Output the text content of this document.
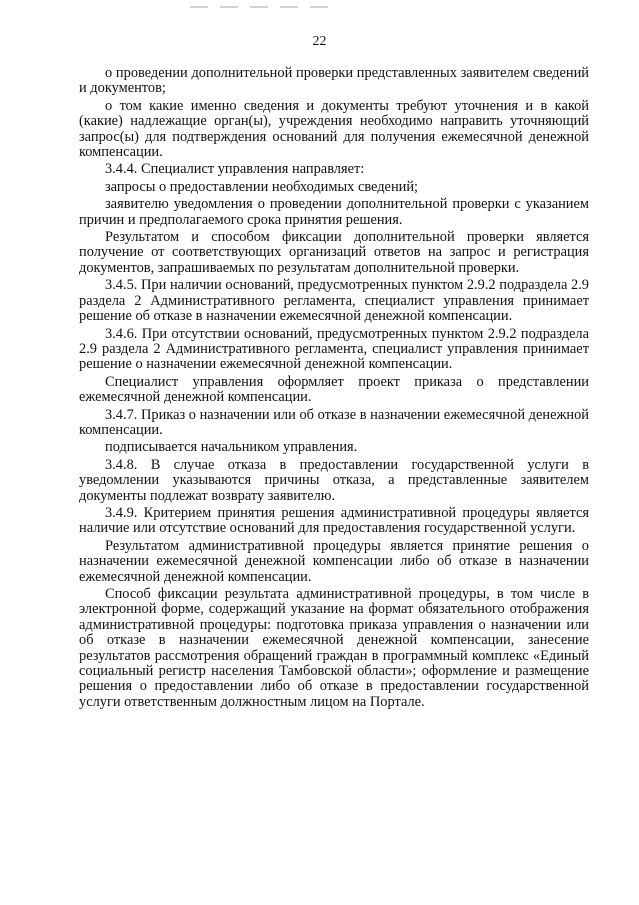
22

о проведении дополнительной проверки представленных заявителем сведений и документов;

о том какие именно сведения и документы требуют уточнения и в какой (какие) надлежащие орган(ы), учреждения необходимо направить уточняющий запрос(ы) для подтверждения оснований для получения ежемесячной денежной компенсации.

3.4.4. Специалист управления направляет:

запросы о предоставлении необходимых сведений;

заявителю уведомления о проведении дополнительной проверки с указанием причин и предполагаемого срока принятия решения.

Результатом и способом фиксации дополнительной проверки является получение от соответствующих организаций ответов на запрос и регистрация документов, запрашиваемых по результатам дополнительной проверки.

3.4.5. При наличии оснований, предусмотренных пунктом 2.9.2 подраздела 2.9 раздела 2 Административного регламента, специалист управления принимает решение об отказе в назначении ежемесячной денежной компенсации.

3.4.6. При отсутствии оснований, предусмотренных пунктом 2.9.2 подраздела 2.9 раздела 2 Административного регламента, специалист управления принимает решение о назначении ежемесячной денежной компенсации.

Специалист управления оформляет проект приказа о представлении ежемесячной денежной компенсации.

3.4.7. Приказ о назначении или об отказе в назначении ежемесячной денежной компенсации.

подписывается начальником управления.

3.4.8. В случае отказа в предоставлении государственной услуги в уведомлении указываются причины отказа, а представленные заявителем документы подлежат возврату заявителю.

3.4.9. Критерием принятия решения административной процедуры является наличие или отсутствие оснований для предоставления государственной услуги.

Результатом административной процедуры является принятие решения о назначении ежемесячной денежной компенсации либо об отказе в назначении ежемесячной денежной компенсации.

Способ фиксации результата административной процедуры, в том числе в электронной форме, содержащий указание на формат обязательного отображения административной процедуры: подготовка приказа управления о назначении или об отказе в назначении ежемесячной денежной компенсации, занесение результатов рассмотрения обращений граждан в программный комплекс «Единый социальный регистр населения Тамбовской области»; оформление и размещение решения о предоставлении либо об отказе в предоставлении государственной услуги ответственным должностным лицом на Портале.
